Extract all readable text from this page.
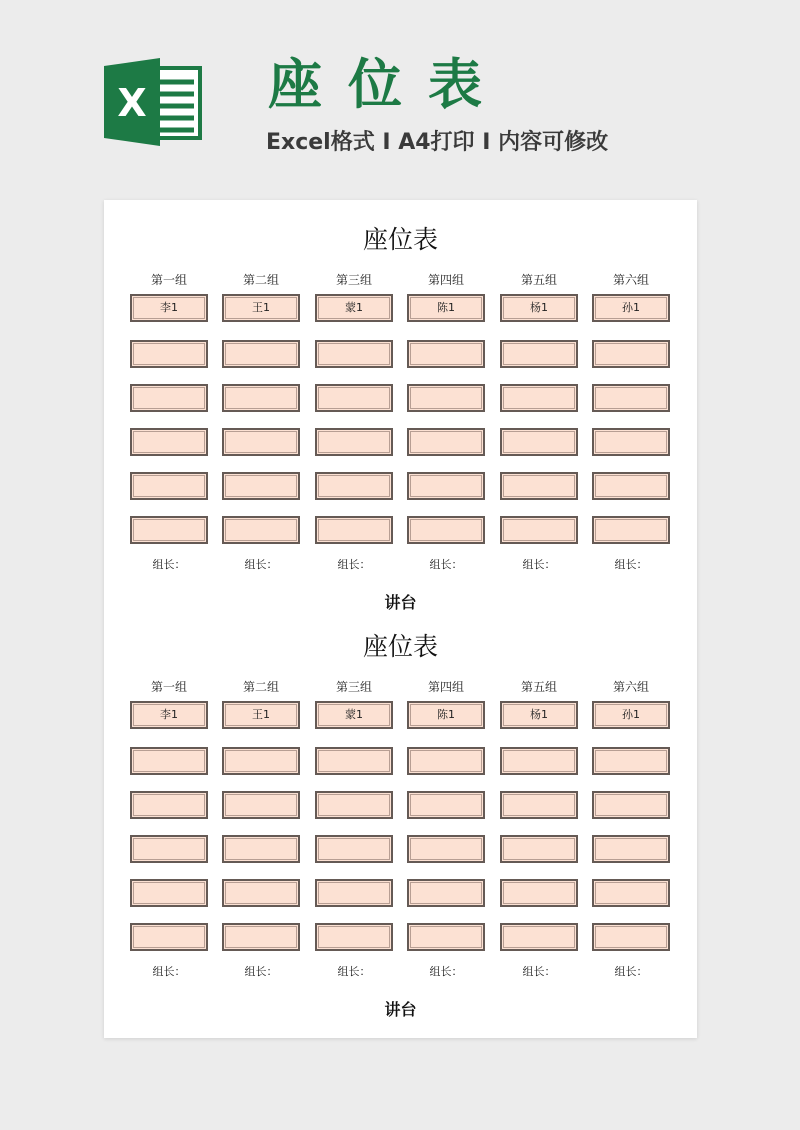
X 座位表
Excel格式 I A4打印 I 内容可修改
座位表
第一组
李1
组长：
第二组
王1
组长：
第三组
蒙1
组长：
第四组
陈1
组长：
第五组
杨1
组长：
第六组
孙1
组长：
讲台
座位表
第一组
李1
组长：
第二组
王1
组长：
第三组
蒙1
组长：
第四组
陈1
组长：
第五组
杨1
组长：
第六组
孙1
组长：
讲台
